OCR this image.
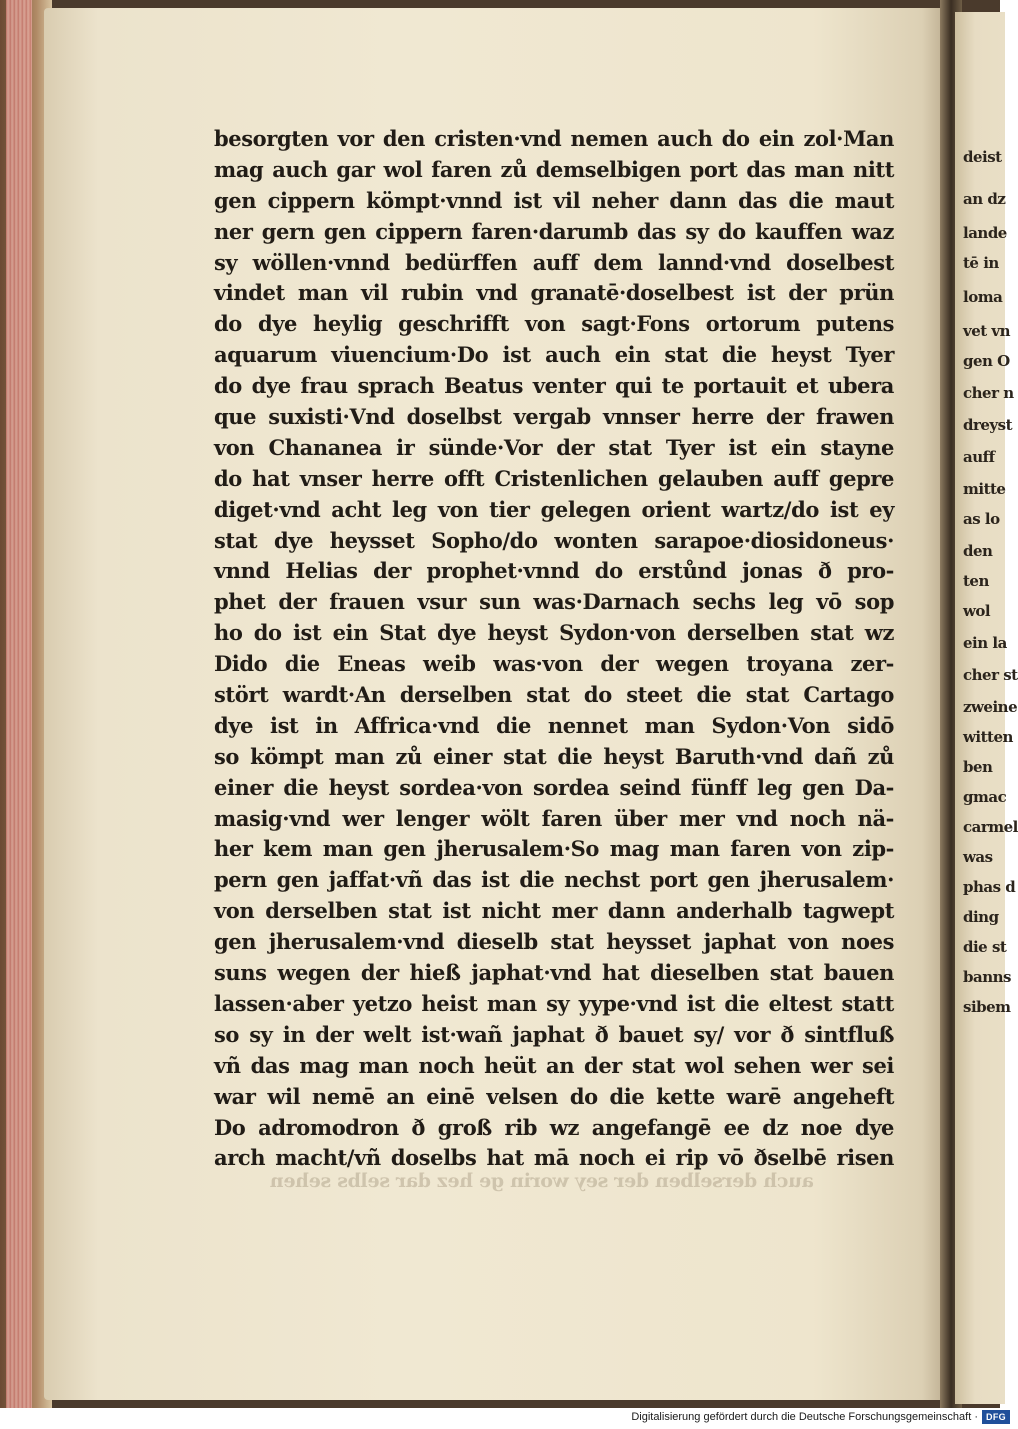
besorgten vor den cristen·vnd nemen auch do ein zol·Man
mag auch gar wol faren zů demselbigen port das man nitt
gen cippern kömpt·vnnd ist vil neher dann das die maut
ner gern gen cippern faren·darumb das sy do kauffen waz
sy wöllen·vnnd bedürffen auff dem lannd·vnd doselbest
vindet man vil rubin vnd granatē·doselbest ist der prün
do dye heylig geschrifft von sagt·Fons ortorum putens
aquarum viuencium·Do ist auch ein stat die heyst Tyer
do dye frau sprach Beatus venter qui te portauit et ubera
que suxisti·Vnd doselbst vergab vnnser herre der frawen
von Chananea ir sünde·Vor der stat Tyer ist ein stayne
do hat vnser herre offt Cristenlichen gelauben auff gepre
diget·vnd acht leg von tier gelegen orient wartz/do ist ey
stat dye heysset Sopho/do wonten sarapoe·diosidoneus·
vnnd Helias der prophet·vnnd do erstůnd jonas ð pro-
phet der frauen vsur sun was·Darnach sechs leg vō sop
ho do ist ein Stat dye heyst Sydon·von derselben stat wz
Dido die Eneas weib was·von der wegen troyana zer-
stört wardt·An derselben stat do steet die stat Cartago
dye ist in Affrica·vnd die nennet man Sydon·Von sidō
so kömpt man zů einer stat die heyst Baruth·vnd dañ zů
einer die heyst sordea·von sordea seind fünff leg gen Da-
masig·vnd wer lenger wölt faren über mer vnd noch nä-
her kem man gen jherusalem·So mag man faren von zip-
pern gen jaffat·vñ das ist die nechst port gen jherusalem·
von derselben stat ist nicht mer dann anderhalb tagwept
gen jherusalem·vnd dieselb stat heysset japhat von noes
suns wegen der hieß japhat·vnd hat dieselben stat bauen
lassen·aber yetzo heist man sy yype·vnd ist die eltest statt
so sy in der welt ist·wañ japhat ð bauet sy/ vor ð sintfluß
vñ das mag man noch heüt an der stat wol sehen wer sei
war wil nemē an einē velsen do die kette warē angeheft
Do adromodron ð groß rib wz angefangē ee dz noe dye
arch macht/vñ doselbs hat mā noch ei rip vō ðselbē risen
auch derselben der sey worin ge hez dar selbs sehen
deist
an dz
lande
tē in
loma
vet vn
gen O
cher n
dreyst
auff
mitte
as lo
den
ten
wol
ein la
cher st
zweine
witten
ben
gmac
carmel
was
phas d
ding
die st
banns
sibem
Digitalisierung gefördert durch die Deutsche Forschungsgemeinschaft · DFG
